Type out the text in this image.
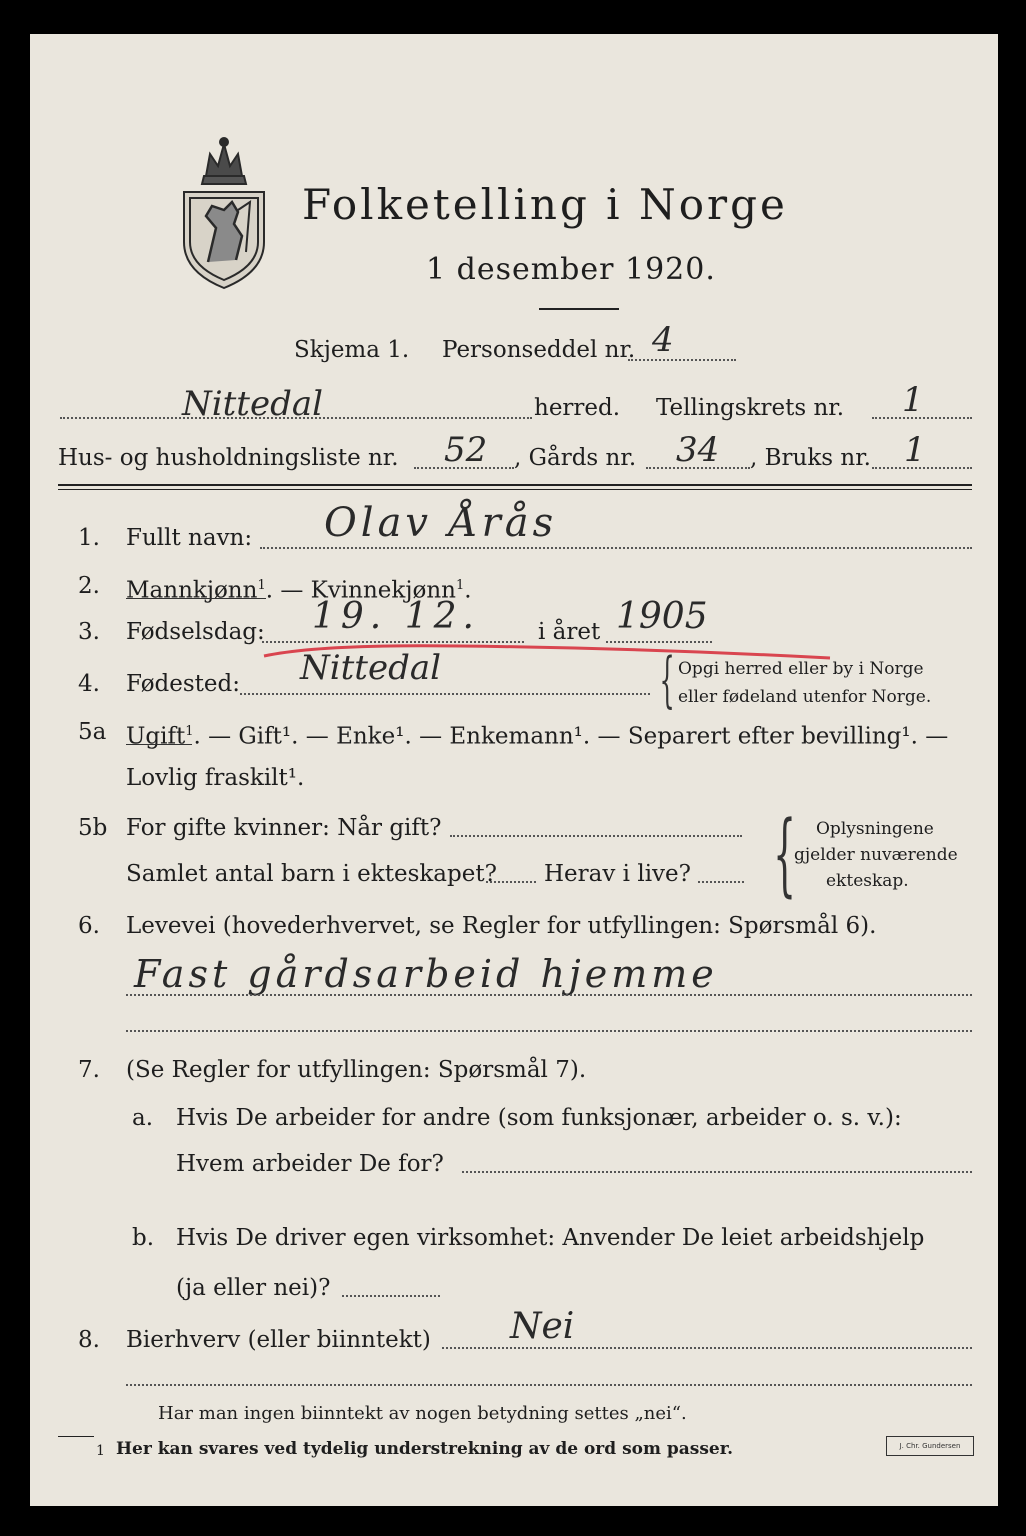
Folketelling i Norge
1 desember 1920.
Skjema 1. Personseddel nr. 4
Nittedal	herred. Tellingskrets nr. 1
Hus- og husholdningsliste nr. 52 , Gårds nr. 34 , Bruks nr. 1
1. Fullt navn: Olav Årås
2. Mannkjønn$^1$. — Kvinnekjønn$^1$.
3. Fødselsdag: 19. 12.	i året 1905
4. Fødested: Nittedal	{ Opgi herred eller by i Norge
eller fødeland utenfor Norge.
5a Ugift$^1$. — Gift¹. — Enke¹. — Enkemann¹. — Separert efter bevilling¹. —
Lovlig fraskilt¹.
5b For gifte kvinner: Når gift?
Samlet antal barn i ekteskapet? Herav i live? { Oplysningene
gjelder nuværende
ekteskap.
6. Levevei (hovederhvervet, se Regler for utfyllingen: Spørsmål 6).
Fast gårdsarbeid hjemme
7. (Se Regler for utfyllingen: Spørsmål 7).
a. Hvis De arbeider for andre (som funksjonær, arbeider o. s. v.):
Hvem arbeider De for?
b. Hvis De driver egen virksomhet: Anvender De leiet arbeidshjelp
(ja eller nei)?
8. Bierhverv (eller biinntekt) Nei
Har man ingen biinntekt av nogen betydning settes „nei“.
1 Her kan svares ved tydelig understrekning av de ord som passer.	J. Chr. Gundersen
